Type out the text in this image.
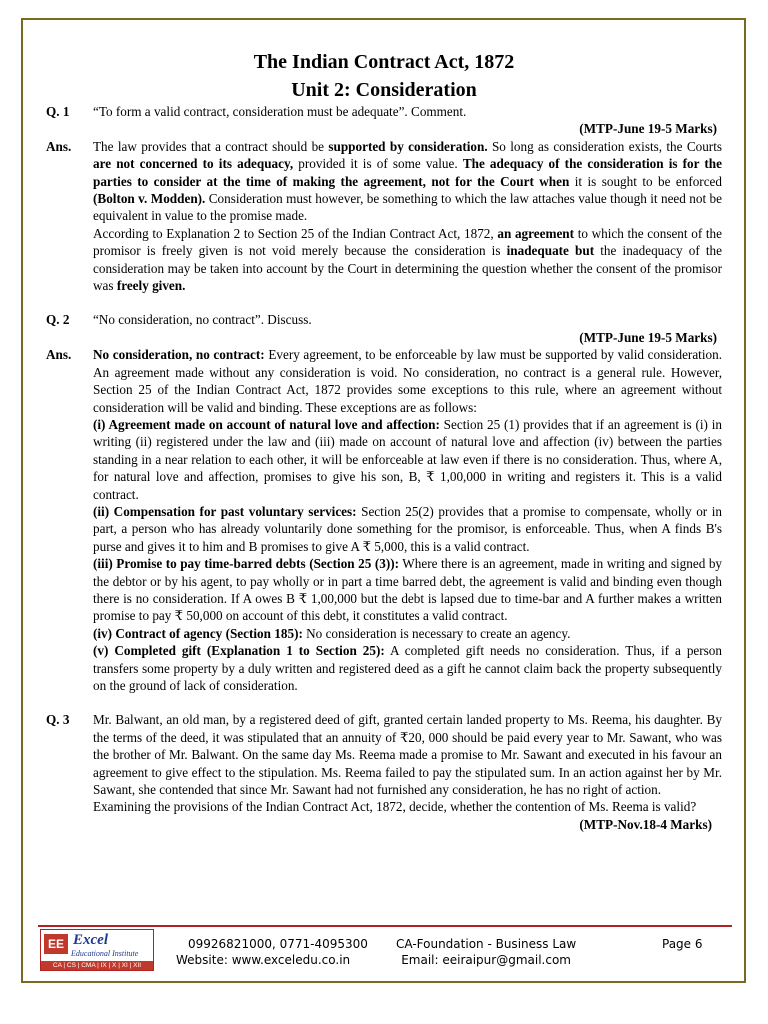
The Indian Contract Act, 1872

Unit 2: Consideration

Q. 1 “To form a valid contract, consideration must be adequate”. Comment.
(MTP-June 19-5 Marks)
Ans. The law provides that a contract should be supported by consideration. So long as consideration exists, the Courts are not concerned to its adequacy, provided it is of some value. The adequacy of the consideration is for the parties to consider at the time of making the agreement, not for the Court when it is sought to be enforced (Bolton v. Modden). Consideration must however, be something to which the law attaches value though it need not be equivalent in value to the promise made.
According to Explanation 2 to Section 25 of the Indian Contract Act, 1872, an agreement to which the consent of the promisor is freely given is not void merely because the consideration is inadequate but the inadequacy of the consideration may be taken into account by the Court in determining the question whether the consent of the promisor was freely given.
Q. 2 “No consideration, no contract”. Discuss.
(MTP-June 19-5 Marks)
Ans. No consideration, no contract: Every agreement, to be enforceable by law must be supported by valid consideration. An agreement made without any consideration is void. No consideration, no contract is a general rule. However, Section 25 of the Indian Contract Act, 1872 provides some exceptions to this rule, where an agreement without consideration will be valid and binding. These exceptions are as follows:
(i) Agreement made on account of natural love and affection: Section 25 (1) provides that if an agreement is (i) in writing (ii) registered under the law and (iii) made on account of natural love and affection (iv) between the parties standing in a near relation to each other, it will be enforceable at law even if there is no consideration. Thus, where A, for natural love and affection, promises to give his son, B, ₹ 1,00,000 in writing and registers it. This is a valid contract.
(ii) Compensation for past voluntary services: Section 25(2) provides that a promise to compensate, wholly or in part, a person who has already voluntarily done something for the promisor, is enforceable. Thus, when A finds B's purse and gives it to him and B promises to give A ₹ 5,000, this is a valid contract.
(iii) Promise to pay time-barred debts (Section 25 (3)): Where there is an agreement, made in writing and signed by the debtor or by his agent, to pay wholly or in part a time barred debt, the agreement is valid and binding even though there is no consideration. If A owes B ₹ 1,00,000 but the debt is lapsed due to time-bar and A further makes a written promise to pay ₹ 50,000 on account of this debt, it constitutes a valid contract.
(iv) Contract of agency (Section 185): No consideration is necessary to create an agency.
(v) Completed gift (Explanation 1 to Section 25): A completed gift needs no consideration. Thus, if a person transfers some property by a duly written and registered deed as a gift he cannot claim back the property subsequently on the ground of lack of consideration.
Q. 3 Mr. Balwant, an old man, by a registered deed of gift, granted certain landed property to Ms. Reema, his daughter. By the terms of the deed, it was stipulated that an annuity of ₹20, 000 should be paid every year to Mr. Sawant, who was the brother of Mr. Balwant. On the same day Ms. Reema made a promise to Mr. Sawant and executed in his favour an agreement to give effect to the stipulation. Ms. Reema failed to pay the stipulated sum. In an action against her by Mr. Sawant, she contended that since Mr. Sawant had not furnished any consideration, he has no right of action.
Examining the provisions of the Indian Contract Act, 1872, decide, whether the contention of Ms. Reema is valid?
(MTP-Nov.18-4 Marks)
EE Excel
Educational Institute
CA | CS | CMA | IX | X | XI | XII
09926821000, 0771-4095300
Website: www.exceledu.co.in
CA-Foundation - Business Law
Email: eeiraipur@gmail.com
Page 6
